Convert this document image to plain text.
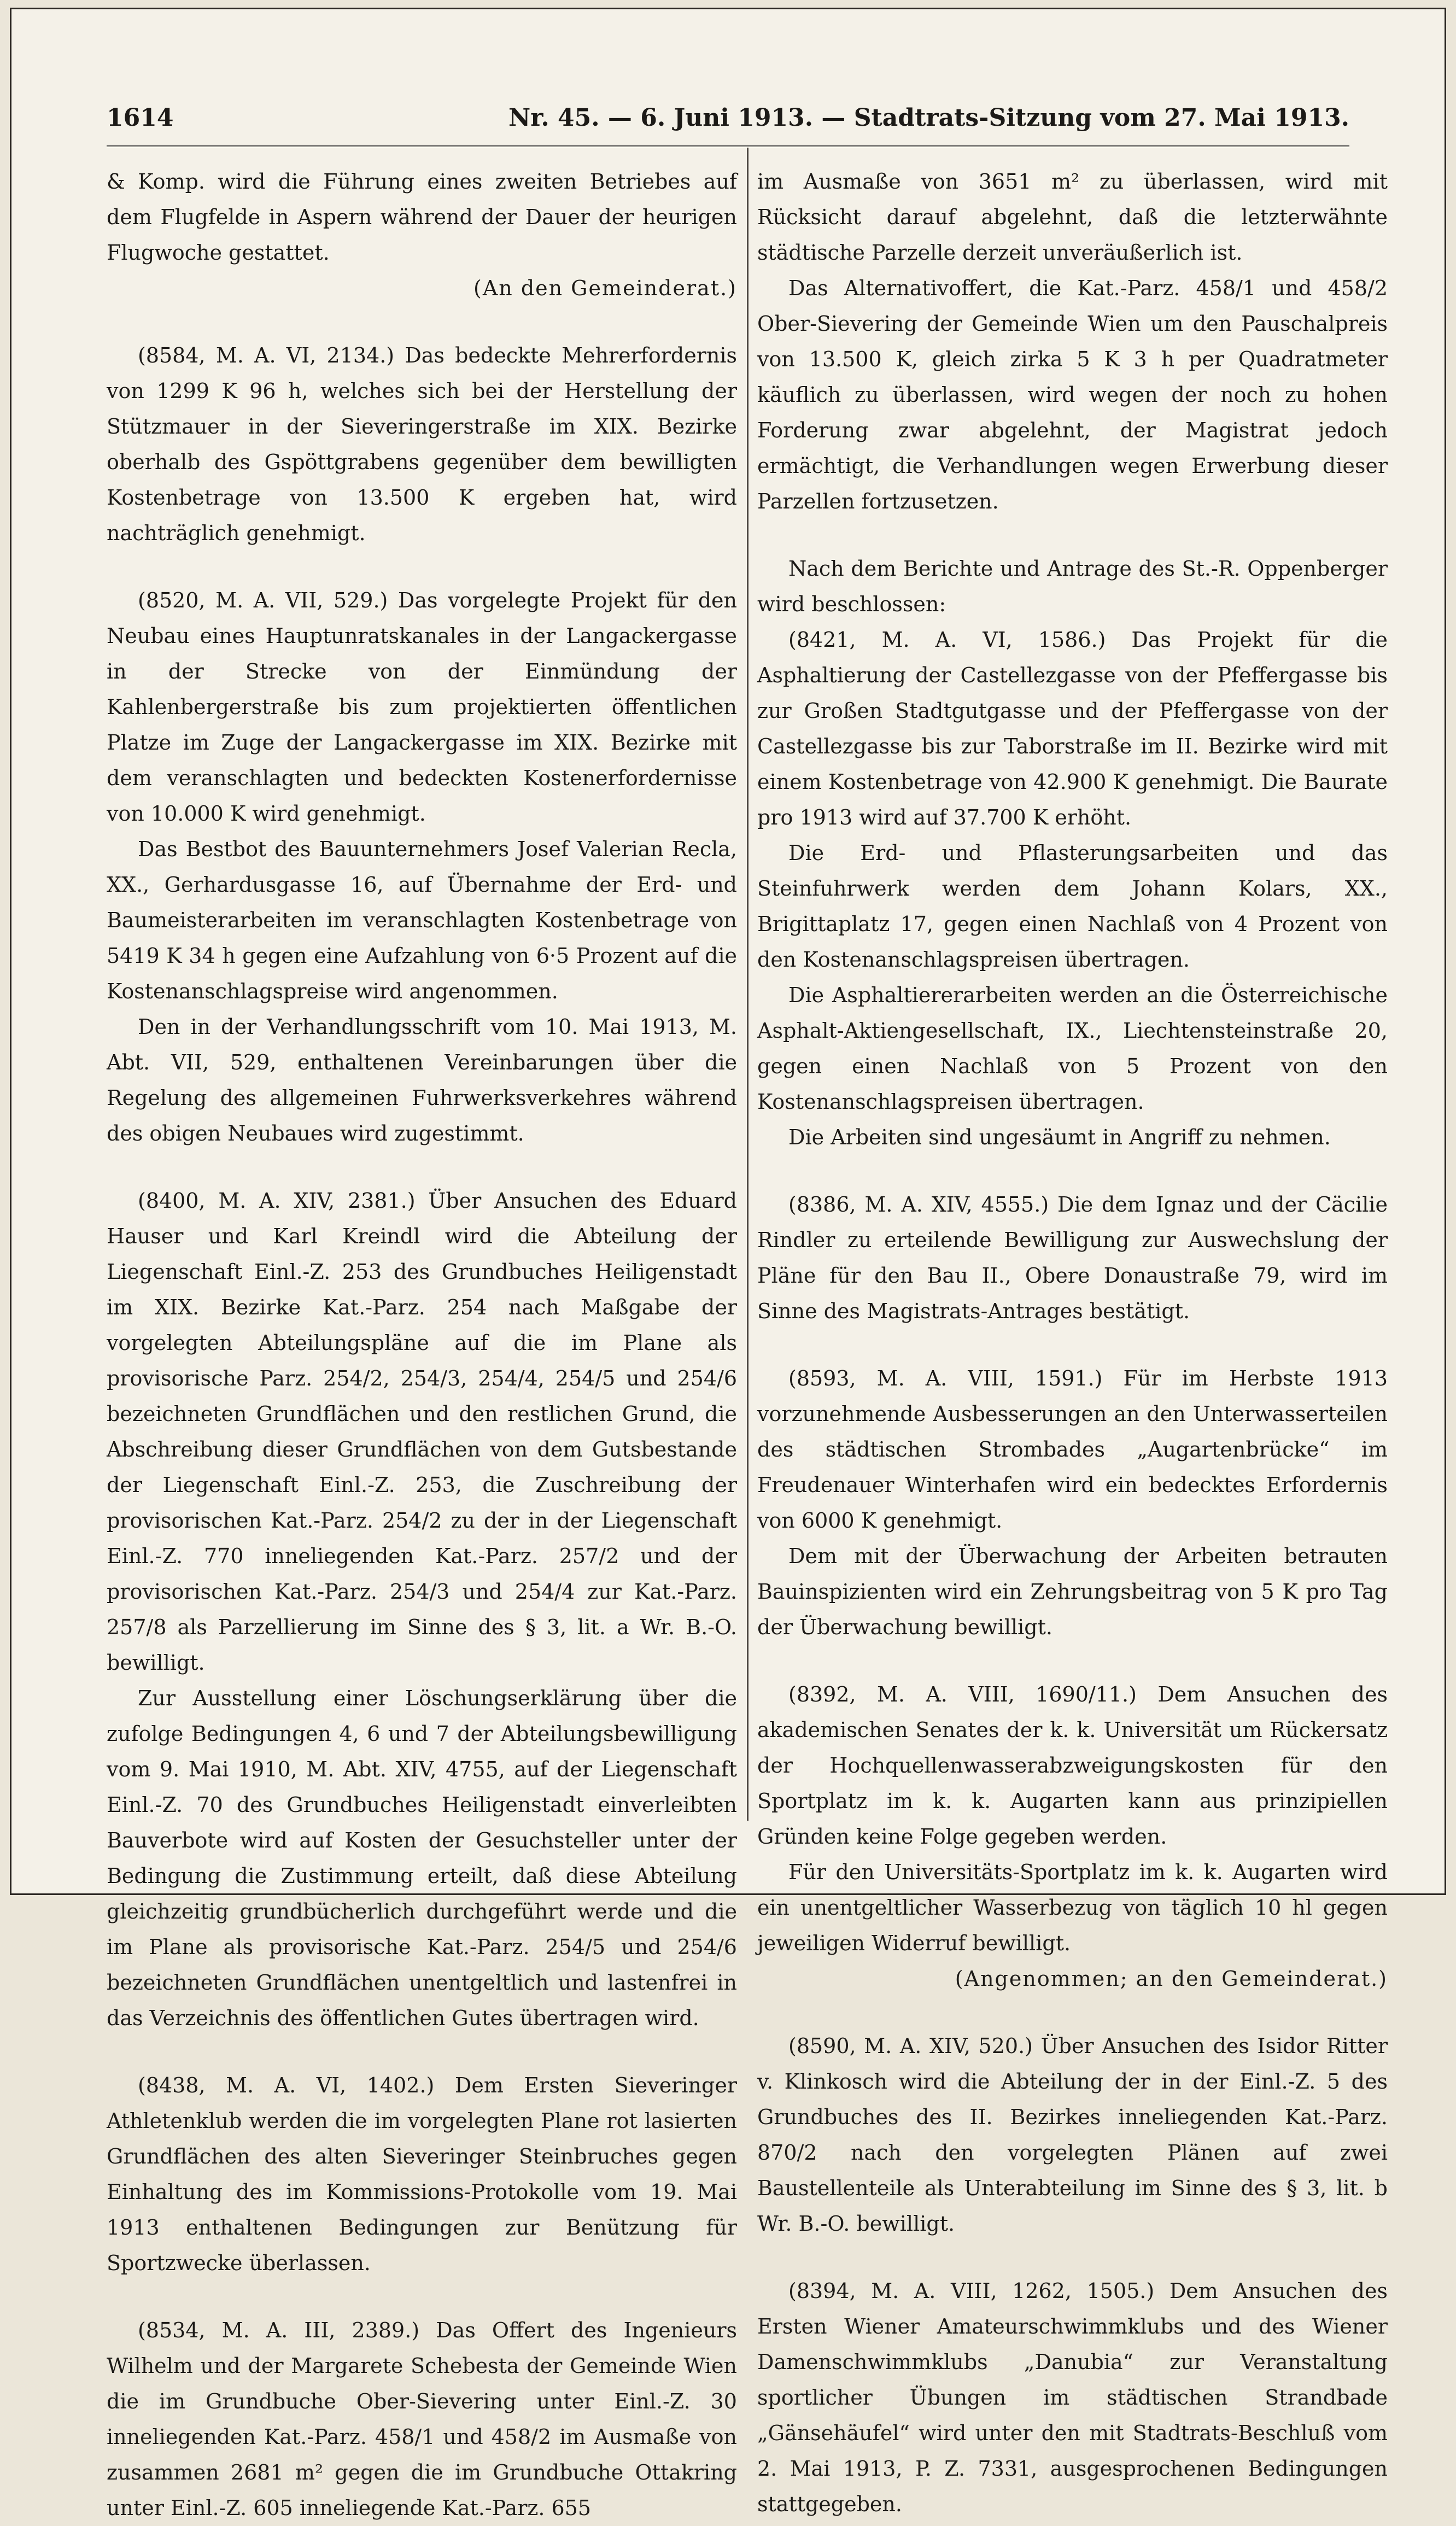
1614	Nr. 45. — 6. Juni 1913. — Stadtrats-Sitzung vom 27. Mai 1913.

& Komp. wird die Führung eines zweiten Betriebes auf dem Flugfelde in Aspern während der Dauer der heurigen Flugwoche gestattet.

(An den Gemeinderat.)

(8584, M. A. VI, 2134.) Das bedeckte Mehrerfordernis von 1299 K 96 h, welches sich bei der Herstellung der Stützmauer in der Sieveringerstraße im XIX. Bezirke oberhalb des Gspöttgrabens gegenüber dem bewilligten Kostenbetrage von 13.500 K ergeben hat, wird nachträglich genehmigt.

(8520, M. A. VII, 529.) Das vorgelegte Projekt für den Neubau eines Hauptunratskanales in der Langackergasse in der Strecke von der Einmündung der Kahlenbergerstraße bis zum projektierten öffentlichen Platze im Zuge der Langackergasse im XIX. Bezirke mit dem veranschlagten und bedeckten Kostenerfordernisse von 10.000 K wird genehmigt.

Das Bestbot des Bauunternehmers Josef Valerian Recla, XX., Gerhardusgasse 16, auf Übernahme der Erd- und Baumeisterarbeiten im veranschlagten Kostenbetrage von 5419 K 34 h gegen eine Aufzahlung von 6·5 Prozent auf die Kostenanschlagspreise wird angenommen.

Den in der Verhandlungsschrift vom 10. Mai 1913, M. Abt. VII, 529, enthaltenen Vereinbarungen über die Regelung des allgemeinen Fuhrwerksverkehres während des obigen Neubaues wird zugestimmt.

(8400, M. A. XIV, 2381.) Über Ansuchen des Eduard Hauser und Karl Kreindl wird die Abteilung der Liegenschaft Einl.-Z. 253 des Grundbuches Heiligenstadt im XIX. Bezirke Kat.-Parz. 254 nach Maßgabe der vorgelegten Abteilungspläne auf die im Plane als provisorische Parz. 254/2, 254/3, 254/4, 254/5 und 254/6 bezeichneten Grundflächen und den restlichen Grund, die Abschreibung dieser Grundflächen von dem Gutsbestande der Liegenschaft Einl.-Z. 253, die Zuschreibung der provisorischen Kat.-Parz. 254/2 zu der in der Liegenschaft Einl.-Z. 770 inneliegenden Kat.-Parz. 257/2 und der provisorischen Kat.-Parz. 254/3 und 254/4 zur Kat.-Parz. 257/8 als Parzellierung im Sinne des § 3, lit. a Wr. B.-O. bewilligt.

Zur Ausstellung einer Löschungserklärung über die zufolge Bedingungen 4, 6 und 7 der Abteilungsbewilligung vom 9. Mai 1910, M. Abt. XIV, 4755, auf der Liegenschaft Einl.-Z. 70 des Grundbuches Heiligenstadt einverleibten Bauverbote wird auf Kosten der Gesuchsteller unter der Bedingung die Zustimmung erteilt, daß diese Abteilung gleichzeitig grundbücherlich durchgeführt werde und die im Plane als provisorische Kat.-Parz. 254/5 und 254/6 bezeichneten Grundflächen unentgeltlich und lastenfrei in das Verzeichnis des öffentlichen Gutes übertragen wird.

(8438, M. A. VI, 1402.) Dem Ersten Sieveringer Athletenklub werden die im vorgelegten Plane rot lasierten Grundflächen des alten Sieveringer Steinbruches gegen Einhaltung des im Kommissions-Protokolle vom 19. Mai 1913 enthaltenen Bedingungen zur Benützung für Sportzwecke überlassen.

(8534, M. A. III, 2389.) Das Offert des Ingenieurs Wilhelm und der Margarete Schebesta der Gemeinde Wien die im Grundbuche Ober-Sievering unter Einl.-Z. 30 inneliegenden Kat.-Parz. 458/1 und 458/2 im Ausmaße von zusammen 2681 m² gegen die im Grundbuche Ottakring unter Einl.-Z. 605 inneliegende Kat.-Parz. 655

im Ausmaße von 3651 m² zu überlassen, wird mit Rücksicht darauf abgelehnt, daß die letzterwähnte städtische Parzelle derzeit unveräußerlich ist.

Das Alternativoffert, die Kat.-Parz. 458/1 und 458/2 Ober-Sievering der Gemeinde Wien um den Pauschalpreis von 13.500 K, gleich zirka 5 K 3 h per Quadratmeter käuflich zu überlassen, wird wegen der noch zu hohen Forderung zwar abgelehnt, der Magistrat jedoch ermächtigt, die Verhandlungen wegen Erwerbung dieser Parzellen fortzusetzen.

Nach dem Berichte und Antrage des St.-R. Oppenberger wird beschlossen:

(8421, M. A. VI, 1586.) Das Projekt für die Asphaltierung der Castellezgasse von der Pfeffergasse bis zur Großen Stadtgutgasse und der Pfeffergasse von der Castellezgasse bis zur Taborstraße im II. Bezirke wird mit einem Kostenbetrage von 42.900 K genehmigt. Die Baurate pro 1913 wird auf 37.700 K erhöht.

Die Erd- und Pflasterungsarbeiten und das Steinfuhrwerk werden dem Johann Kolars, XX., Brigittaplatz 17, gegen einen Nachlaß von 4 Prozent von den Kostenanschlagspreisen übertragen.

Die Asphaltiererarbeiten werden an die Österreichische Asphalt-Aktiengesellschaft, IX., Liechtensteinstraße 20, gegen einen Nachlaß von 5 Prozent von den Kostenanschlagspreisen übertragen.

Die Arbeiten sind ungesäumt in Angriff zu nehmen.

(8386, M. A. XIV, 4555.) Die dem Ignaz und der Cäcilie Rindler zu erteilende Bewilligung zur Auswechslung der Pläne für den Bau II., Obere Donaustraße 79, wird im Sinne des Magistrats-Antrages bestätigt.

(8593, M. A. VIII, 1591.) Für im Herbste 1913 vorzunehmende Ausbesserungen an den Unterwasserteilen des städtischen Strombades „Augartenbrücke“ im Freudenauer Winterhafen wird ein bedecktes Erfordernis von 6000 K genehmigt.

Dem mit der Überwachung der Arbeiten betrauten Bauinspizienten wird ein Zehrungsbeitrag von 5 K pro Tag der Überwachung bewilligt.

(8392, M. A. VIII, 1690/11.) Dem Ansuchen des akademischen Senates der k. k. Universität um Rückersatz der Hochquellenwasserabzweigungskosten für den Sportplatz im k. k. Augarten kann aus prinzipiellen Gründen keine Folge gegeben werden.

Für den Universitäts-Sportplatz im k. k. Augarten wird ein unentgeltlicher Wasserbezug von täglich 10 hl gegen jeweiligen Widerruf bewilligt.

(Angenommen; an den Gemeinderat.)

(8590, M. A. XIV, 520.) Über Ansuchen des Isidor Ritter v. Klinkosch wird die Abteilung der in der Einl.-Z. 5 des Grundbuches des II. Bezirkes inneliegenden Kat.-Parz. 870/2 nach den vorgelegten Plänen auf zwei Baustellenteile als Unterabteilung im Sinne des § 3, lit. b Wr. B.-O. bewilligt.

(8394, M. A. VIII, 1262, 1505.) Dem Ansuchen des Ersten Wiener Amateurschwimmklubs und des Wiener Damenschwimmklubs „Danubia“ zur Veranstaltung sportlicher Übungen im städtischen Strandbade „Gänsehäufel“ wird unter den mit Stadtrats-Beschluß vom 2. Mai 1913, P. Z. 7331, ausgesprochenen Bedingungen stattgegeben.
